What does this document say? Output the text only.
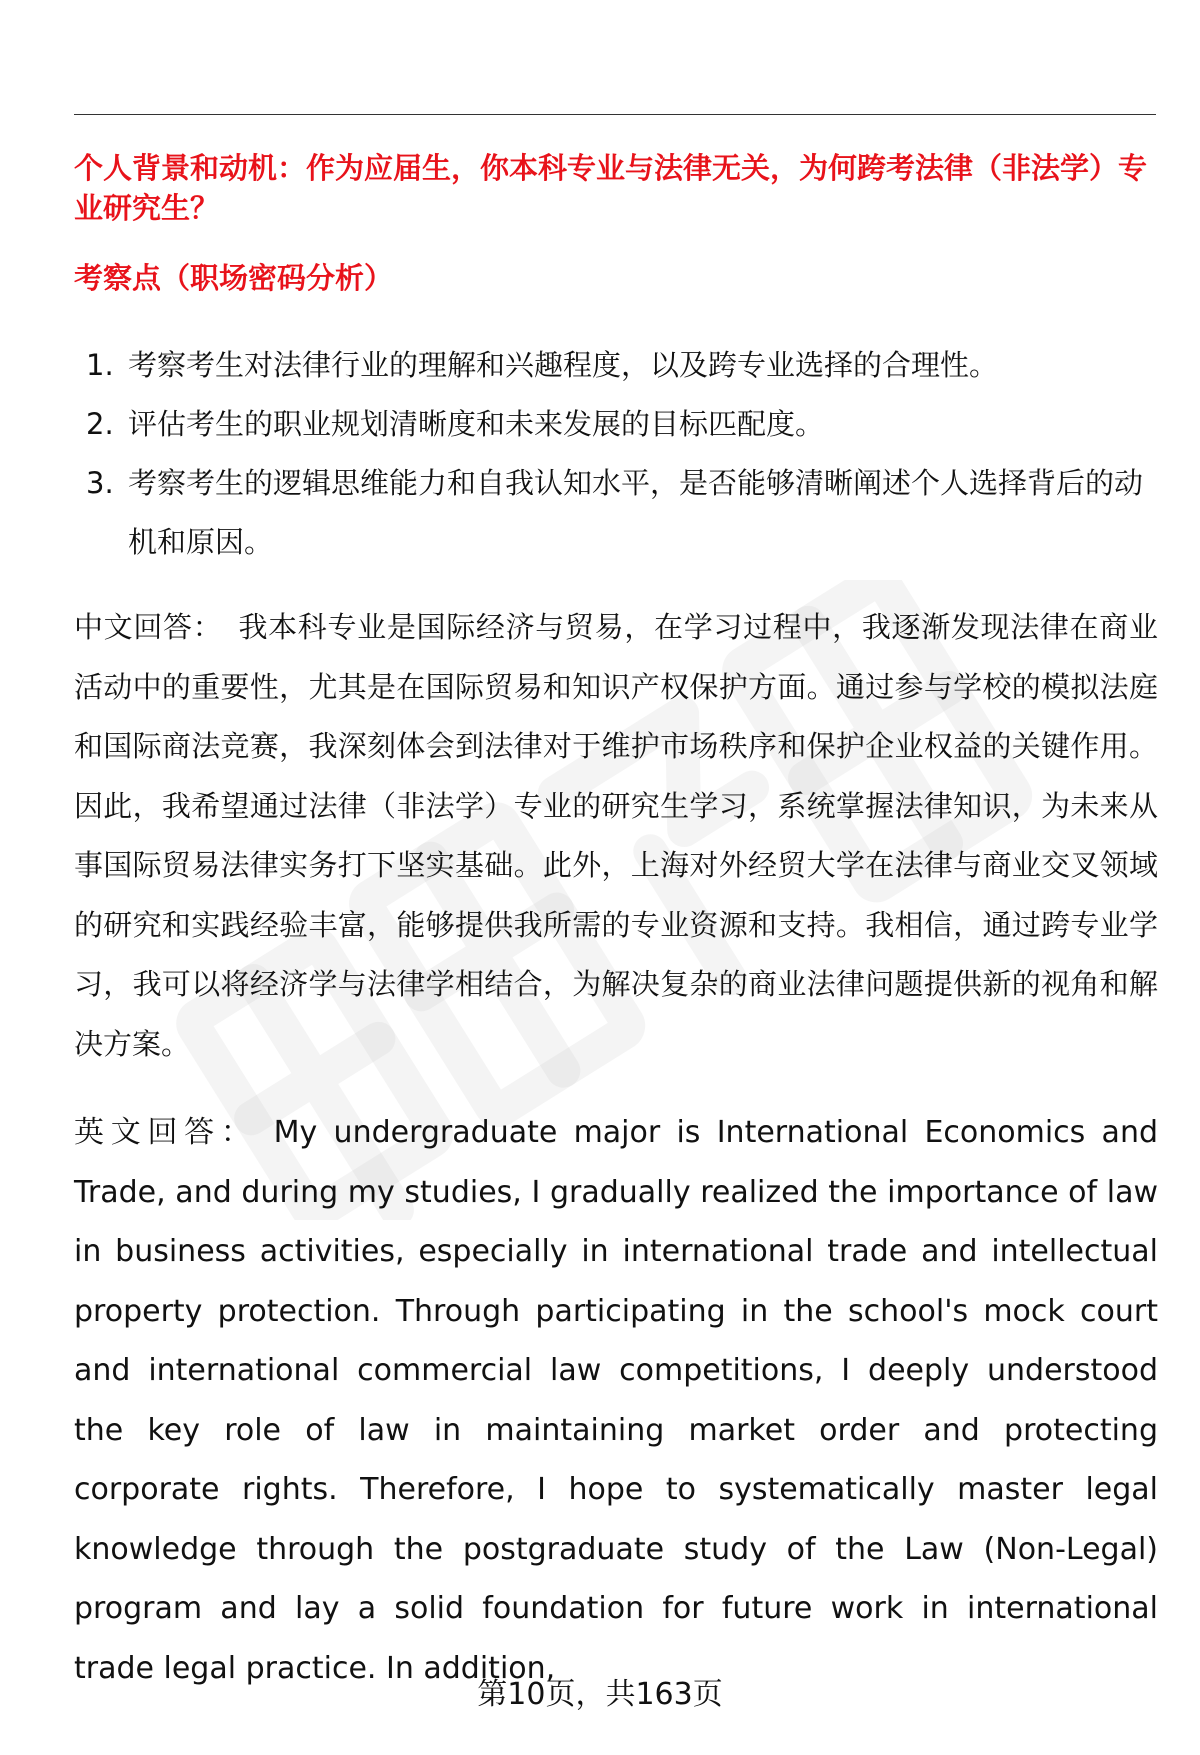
个人背景和动机：作为应届生，你本科专业与法律无关，为何跨考法律（非法学）专业研究生？
考察点（职场密码分析）
1. 考察考生对法律行业的理解和兴趣程度，以及跨专业选择的合理性。
2. 评估考生的职业规划清晰度和未来发展的目标匹配度。
3. 考察考生的逻辑思维能力和自我认知水平，是否能够清晰阐述个人选择背后的动机和原因。

中文回答： 我本科专业是国际经济与贸易，在学习过程中，我逐渐发现法律在商业活动中的重要性，尤其是在国际贸易和知识产权保护方面。通过参与学校的模拟法庭和国际商法竞赛，我深刻体会到法律对于维护市场秩序和保护企业权益的关键作用。因此，我希望通过法律（非法学）专业的研究生学习，系统掌握法律知识，为未来从事国际贸易法律实务打下坚实基础。此外，上海对外经贸大学在法律与商业交叉领域的研究和实践经验丰富，能够提供我所需的专业资源和支持。我相信，通过跨专业学习，我可以将经济学与法律学相结合，为解决复杂的商业法律问题提供新的视角和解决方案。

英文回答： My undergraduate major is International Economics and Trade, and during my studies, I gradually realized the importance of law in business activities, especially in international trade and intellectual property protection. Through participating in the school's mock court and international commercial law competitions, I deeply understood the key role of law in maintaining market order and protecting corporate rights. Therefore, I hope to systematically master legal knowledge through the postgraduate study of the Law (Non-Legal) program and lay a solid foundation for future work in international trade legal practice. In addition,

第10页，共163页
